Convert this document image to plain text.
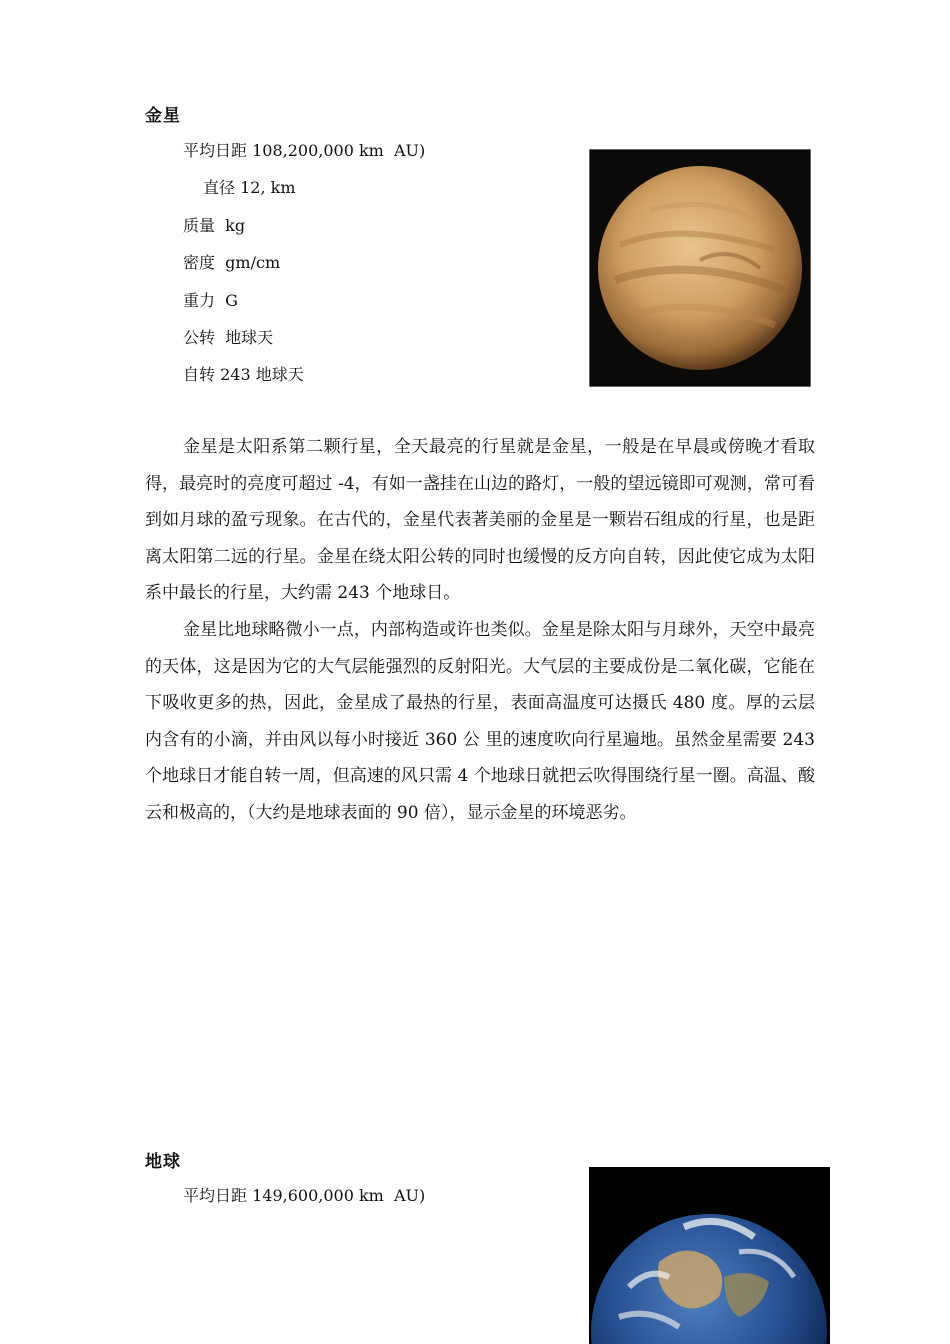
金星
平均日距 108,200,000 km  AU)
直径 12, km
质量  kg
密度  gm/cm
重力  G
公转  地球天
自转 243 地球天

金星是太阳系第二颗行星，全天最亮的行星就是金星，一般是在早晨或傍晚才看取得，最亮时的亮度可超过 -4，有如一盏挂在山边的路灯，一般的望远镜即可观测，常可看到如月球的盈亏现象。在古代的，金星代表著美丽的金星是一颗岩石组成的行星，也是距离太阳第二远的行星。金星在绕太阳公转的同时也缓慢的反方向自转，因此使它成为太阳系中最长的行星，大约需 243 个地球日。

金星比地球略微小一点，内部构造或许也类似。金星是除太阳与月球外，天空中最亮的天体，这是因为它的大气层能强烈的反射阳光。大气层的主要成份是二氧化碳，它能在下吸收更多的热，因此，金星成了最热的行星，表面高温度可达摄氏 480 度。厚的云层内含有的小滴，并由风以每小时接近 360 公 里的速度吹向行星遍地。虽然金星需要 243 个地球日才能自转一周，但高速的风只需 4 个地球日就把云吹得围绕行星一圈。高温、酸云和极高的，（大约是地球表面的 90 倍），显示金星的环境恶劣。

地球
平均日距 149,600,000 km  AU)
